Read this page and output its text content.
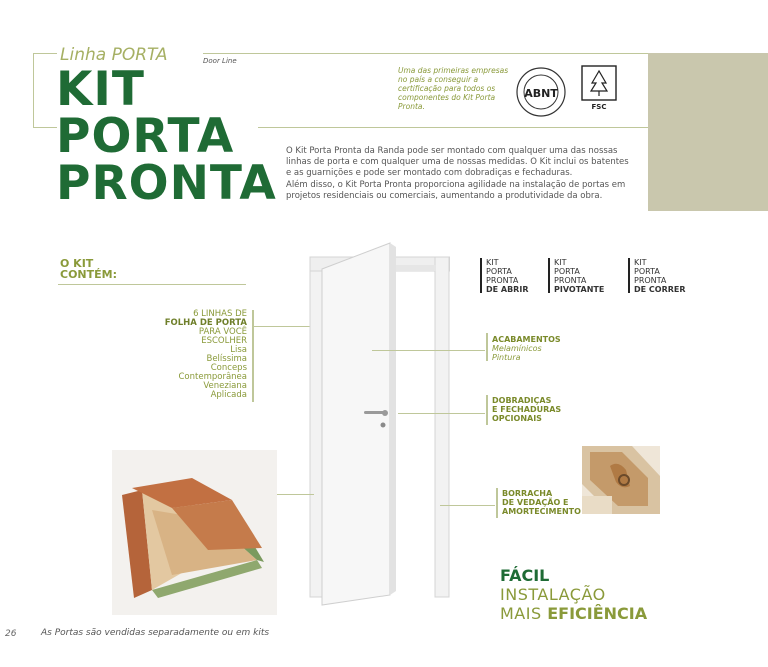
Linha PORTA	Door Line
KIT
PORTA
PRONTA
Uma das primeiras empresas no país a conseguir a certificação para todos os componentes do Kit Porta Pronta.
ABNT
FSC
O Kit Porta Pronta da Randa pode ser montado com qualquer uma das nossas linhas de porta e com qualquer uma de nossas medidas. O Kit inclui os batentes e as guarnições e pode ser montado com dobradiças e fechaduras.
Além disso, o Kit Porta Pronta proporciona agilidade na instalação de portas em projetos residenciais ou comerciais, aumentando a produtividade da obra.
O KIT
CONTÉM:
6 LINHAS DE
FOLHA DE PORTA
PARA VOCÊ
ESCOLHER
Lisa
Belíssima
Conceps
Contemporânea
Veneziana
Aplicada
KIT
PORTA
PRONTA
DE ABRIR
KIT
PORTA
PRONTA
PIVOTANTE
KIT
PORTA
PRONTA
DE CORRER
ACABAMENTOS
Melamínicos
Pintura
DOBRADIÇAS
E FECHADURAS
OPCIONAIS
BORRACHA
DE VEDAÇÃO E
AMORTECIMENTO
FÁCIL
INSTALAÇÃO
MAIS EFICIÊNCIA
26	As Portas são vendidas separadamente ou em kits
